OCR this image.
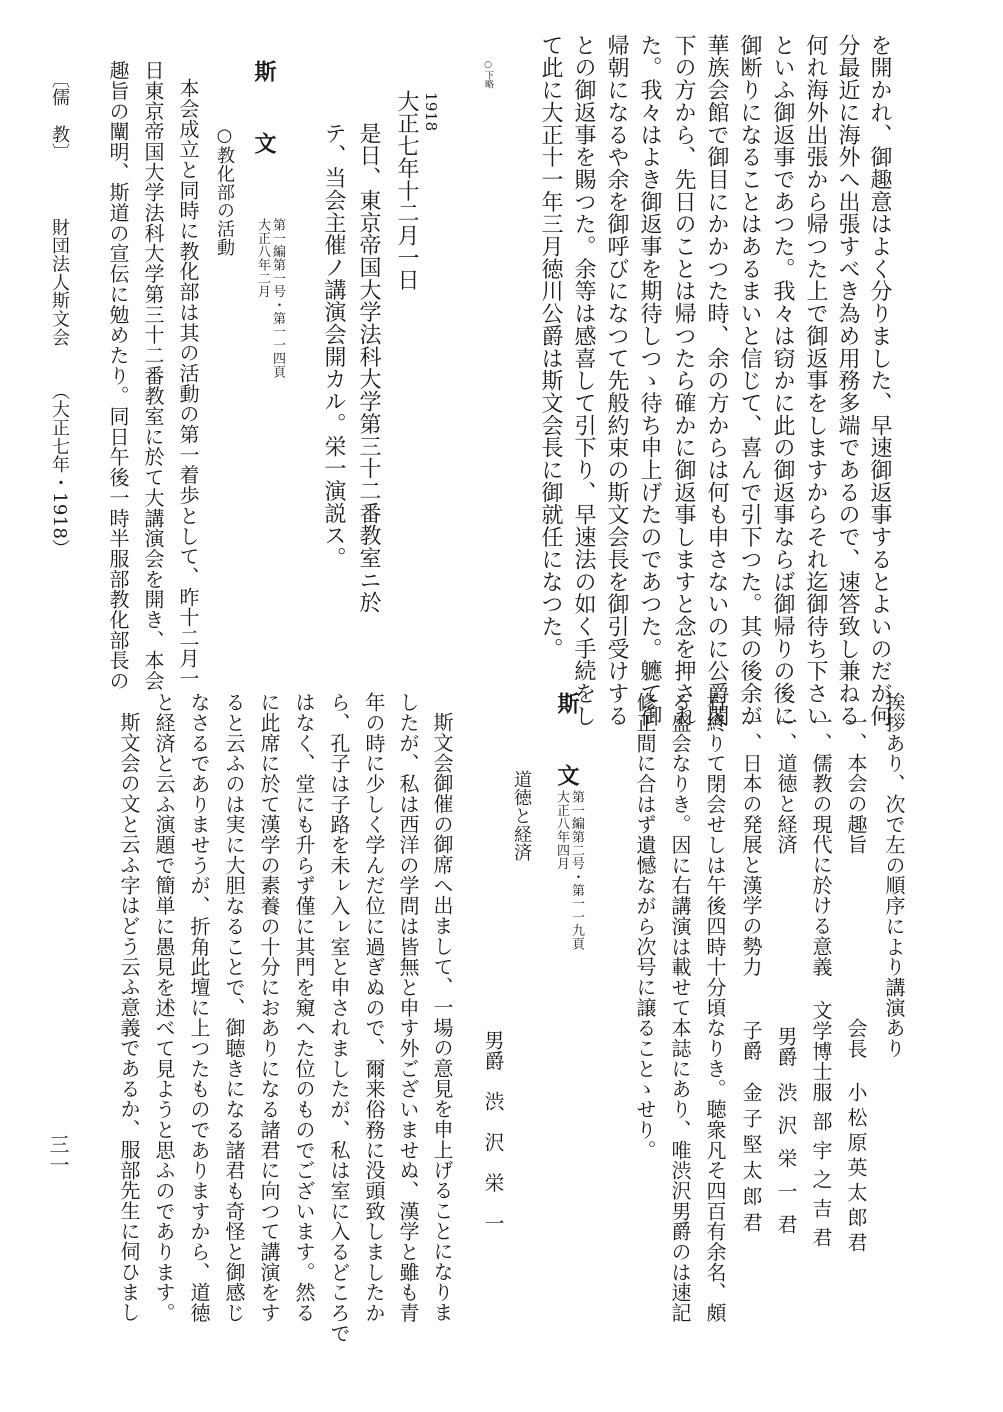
を開かれ、御趣意はよく分りました、早速御返事するとよいのだが何
分最近に海外へ出張すべき為め用務多端であるので、速答致し兼ねる
何れ海外出張から帰つた上で御返事をしますからそれ迄御待ち下さい
といふ御返事であつた。我々は窃かに此の御返事ならば御帰りの後に
御断りになることはあるまいと信じて、喜んで引下つた。其の後余が
華族会館で御目にかかつた時、余の方からは何も申さないのに公爵閣
下の方から、先日のことは帰つたら確かに御返事しますと念を押され
た。我々はよき御返事を期待しつゝ待ち申上げたのであつた。軈て御
帰朝になるや余を御呼びになつて先般約束の斯文会長を御引受けする
との御返事を賜つた。余等は感喜して引下り、早速法の如く手続をし
て此に大正十一年三月徳川公爵は斯文会長に御就任になつた。
○下略
1918
大正七年十二月一日
是日、東京帝国大学法科大学第三十二番教室ニ於
テ、当会主催ノ講演会開カル。栄一演説ス。
斯　文
第一編第一号・第一一四頁
大正八年二月
○教化部の活動
本会成立と同時に教化部は其の活動の第一着歩として、昨十二月一
日東京帝国大学法科大学第三十二番教室に於て大講演会を開き、本会
趣旨の闡明、斯道の宣伝に勉めたり。同日午後一時半服部教化部長の
〔儒　教〕
財団法人斯文会
（大正七年・1918）
挨拶あり、次で左の順序により講演あり
一、本会の趣旨
会長
小松原英太郎君
一、儒教の現代に於ける意義
文学博士
服部宇之吉君
一、道徳と経済
男爵
渋沢栄一君
一、日本の発展と漢学の勢力
子爵
金子堅太郎君
右終りて閉会せしは午後四時十分頃なりき。聴衆凡そ四百有余名、頗
る盛会なりき。因に右講演は載せて本誌にあり、唯渋沢男爵のは速記
修正間に合はず遺憾ながら次号に譲ることゝせり。
斯　文
第一編第二号・第一一九頁
大正八年四月
道徳と経済
男爵　渋　沢　栄　一
斯文会御催の御席へ出まして、一場の意見を申上げることになりま
したが、私は西洋の学問は皆無と申す外ございませぬ、漢学と雖も青
年の時に少しく学んだ位に過ぎぬので、爾来俗務に没頭致しましたか
ら、孔子は子路を未ㇾ入ㇾ室と申されましたが、私は室に入るどころで
はなく、堂にも升らず僅に其門を窺へた位のものでございます。然る
に此席に於て漢学の素養の十分におありになる諸君に向つて講演をす
ると云ふのは実に大胆なることで、御聴きになる諸君も奇怪と御感じ
なさるでありませうが、折角此壇に上つたものでありますから、道徳
と経済と云ふ演題で簡単に愚見を述べて見ようと思ふのであります。
斯文会の文と云ふ字はどう云ふ意義であるか、服部先生に伺ひまし
三一
